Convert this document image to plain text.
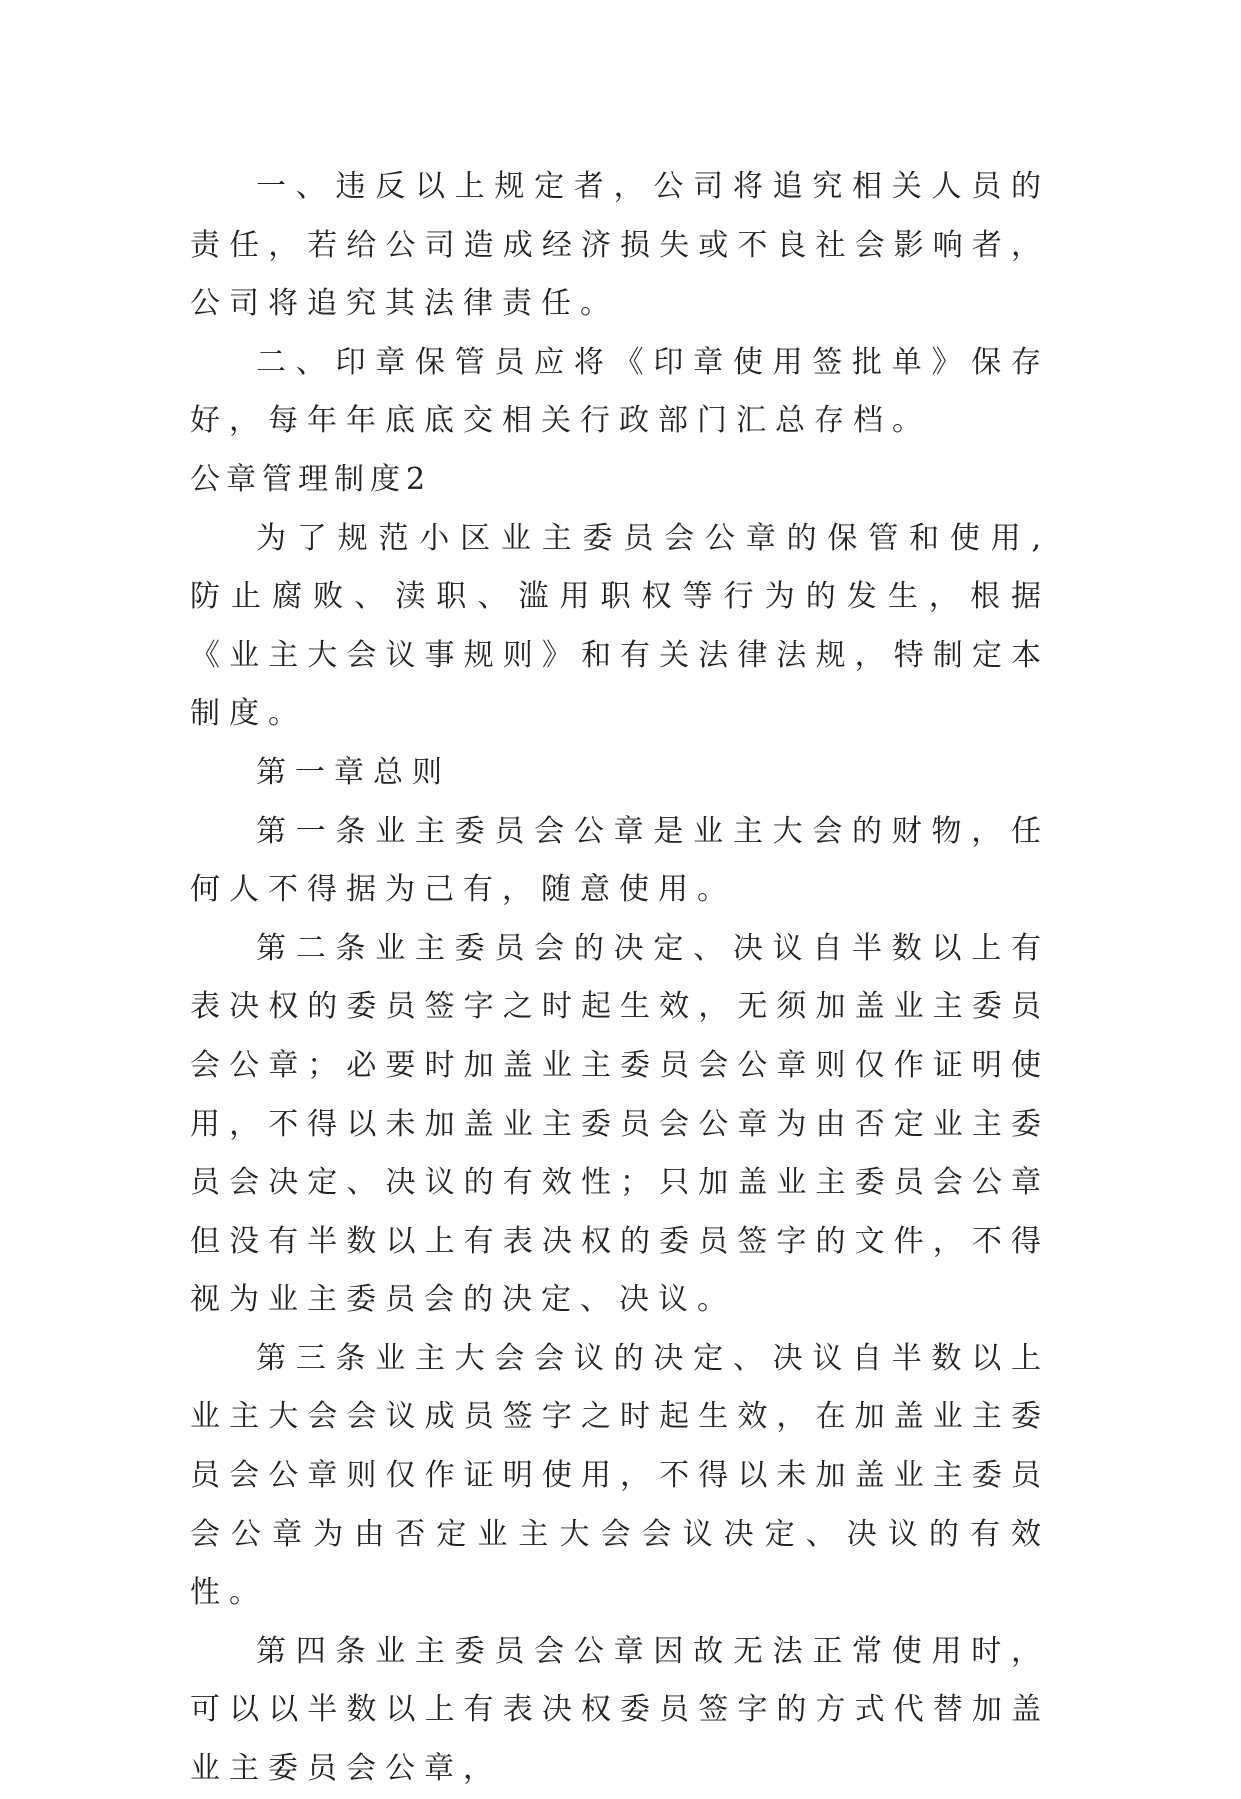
一、违反以上规定者，公司将追究相关人员的责任，若给公司造成经济损失或不良社会影响者，公司将追究其法律责任。

二、印章保管员应将《印章使用签批单》保存好，每年年底底交相关行政部门汇总存档。

公章管理制度2

为了规范小区业主委员会公章的保管和使用,防止腐败、渎职、滥用职权等行为的发生，根据《业主大会议事规则》和有关法律法规，特制定本制度。

第一章总则

第一条业主委员会公章是业主大会的财物，任何人不得据为己有，随意使用。

第二条业主委员会的决定、决议自半数以上有表决权的委员签字之时起生效，无须加盖业主委员会公章；必要时加盖业主委员会公章则仅作证明使用，不得以未加盖业主委员会公章为由否定业主委员会决定、决议的有效性；只加盖业主委员会公章但没有半数以上有表决权的委员签字的文件，不得视为业主委员会的决定、决议。

第三条业主大会会议的决定、决议自半数以上业主大会会议成员签字之时起生效，在加盖业主委员会公章则仅作证明使用，不得以未加盖业主委员会公章为由否定业主大会会议决定、决议的有效性。

第四条业主委员会公章因故无法正常使用时，可以以半数以上有表决权委员签字的方式代替加盖业主委员会公章，
